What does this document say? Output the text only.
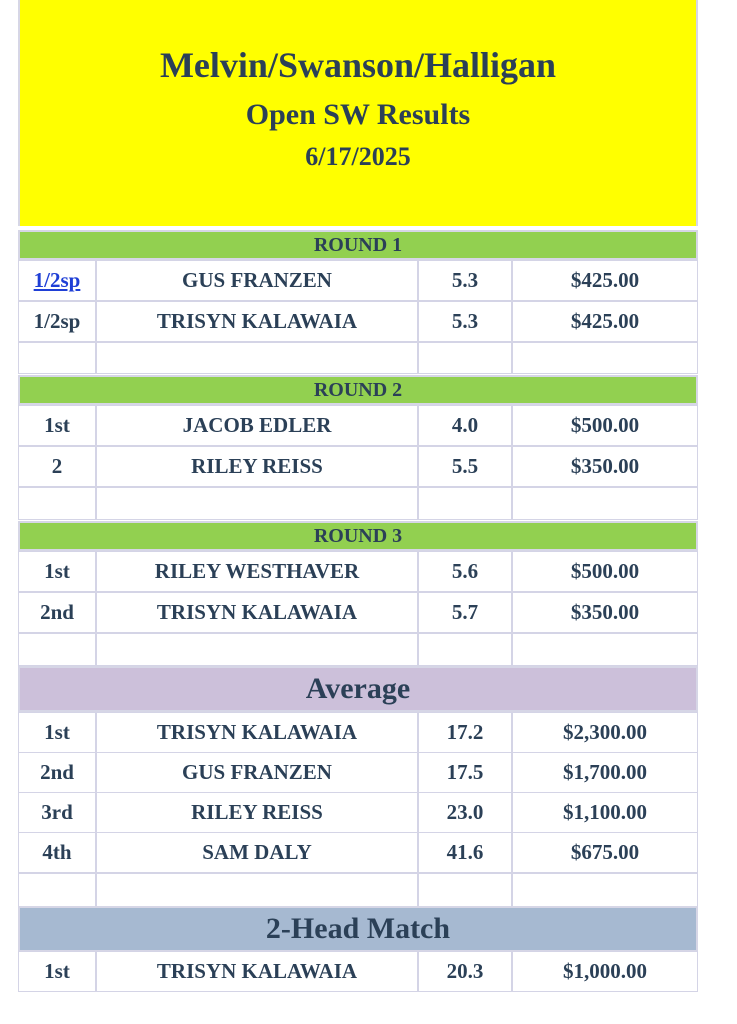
Melvin/Swanson/Halligan
Open SW Results
6/17/2025
ROUND 1
1/2sp	GUS FRANZEN	5.3	$425.00
1/2sp	TRISYN KALAWAIA	5.3	$425.00
ROUND 2
1st	JACOB EDLER	4.0	$500.00
2	RILEY REISS	5.5	$350.00
ROUND 3
1st	RILEY WESTHAVER	5.6	$500.00
2nd	TRISYN KALAWAIA	5.7	$350.00
Average
1st	TRISYN KALAWAIA	17.2	$2,300.00
2nd	GUS FRANZEN	17.5	$1,700.00
3rd	RILEY REISS	23.0	$1,100.00
4th	SAM DALY	41.6	$675.00
2-Head Match
1st	TRISYN KALAWAIA	20.3	$1,000.00
